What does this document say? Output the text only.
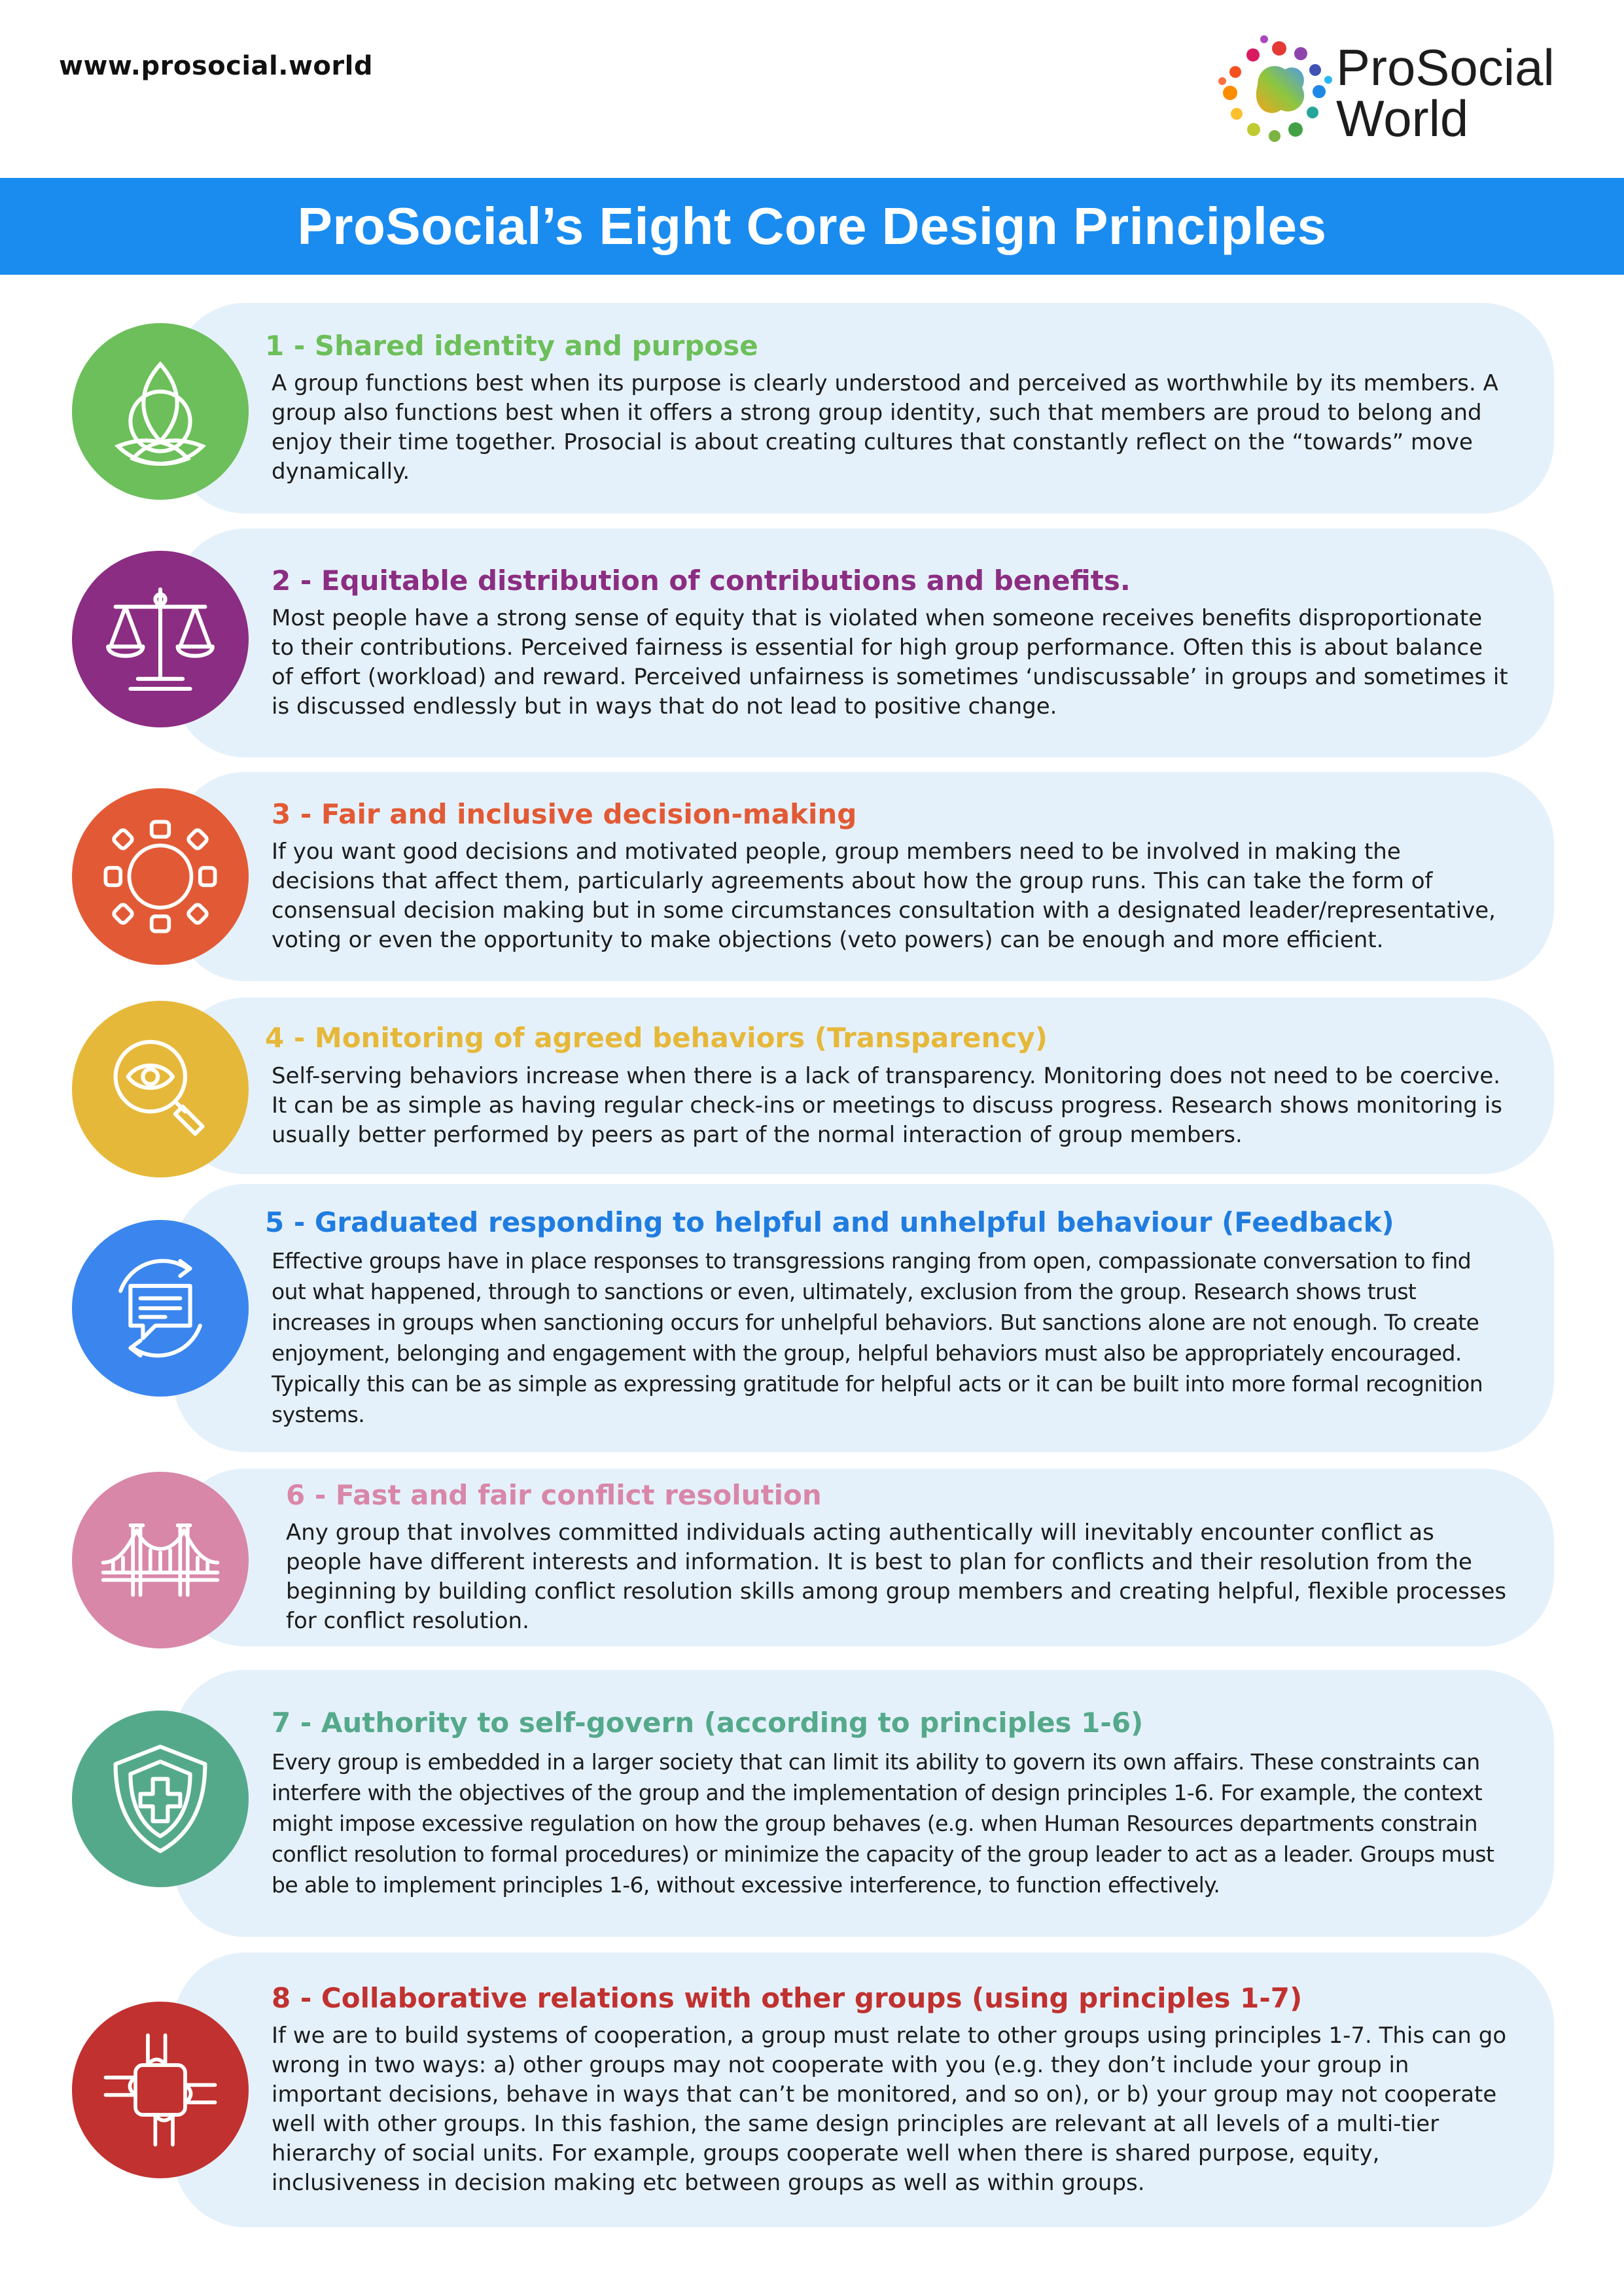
www.prosocial.world	ProSocial
World
ProSocial’s Eight Core Design Principles
1 - Shared identity and purpose

A group functions best when its purpose is clearly understood and perceived as worthwhile by its members. A group also functions best when it offers a strong group identity, such that members are proud to belong and enjoy their time together. Prosocial is about creating cultures that constantly reflect on the “towards” move dynamically.

2 - Equitable distribution of contributions and benefits.

Most people have a strong sense of equity that is violated when someone receives benefits disproportionate to their contributions. Perceived fairness is essential for high group performance. Often this is about balance of effort (workload) and reward. Perceived unfairness is sometimes ‘undiscussable’ in groups and sometimes it is discussed endlessly but in ways that do not lead to positive change.

3 - Fair and inclusive decision-making

If you want good decisions and motivated people, group members need to be involved in making the decisions that affect them, particularly agreements about how the group runs. This can take the form of consensual decision making but in some circumstances consultation with a designated leader/representative, voting or even the opportunity to make objections (veto powers) can be enough and more efficient.

4 - Monitoring of agreed behaviors (Transparency)

Self-serving behaviors increase when there is a lack of transparency. Monitoring does not need to be coercive. It can be as simple as having regular check-ins or meetings to discuss progress. Research shows monitoring is usually better performed by peers as part of the normal interaction of group members.

5 - Graduated responding to helpful and unhelpful behaviour (Feedback)

Effective groups have in place responses to transgressions ranging from open, compassionate conversation to find out what happened, through to sanctions or even, ultimately, exclusion from the group. Research shows trust increases in groups when sanctioning occurs for unhelpful behaviors. But sanctions alone are not enough. To create enjoyment, belonging and engagement with the group, helpful behaviors must also be appropriately encouraged. Typically this can be as simple as expressing gratitude for helpful acts or it can be built into more formal recognition systems.

6 - Fast and fair conflict resolution

Any group that involves committed individuals acting authentically will inevitably encounter conflict as people have different interests and information. It is best to plan for conflicts and their resolution from the beginning by building conflict resolution skills among group members and creating helpful, flexible processes for conflict resolution.

7 - Authority to self-govern (according to principles 1-6)

Every group is embedded in a larger society that can limit its ability to govern its own affairs. These constraints can interfere with the objectives of the group and the implementation of design principles 1-6. For example, the context might impose excessive regulation on how the group behaves (e.g. when Human Resources departments constrain conflict resolution to formal procedures) or minimize the capacity of the group leader to act as a leader. Groups must be able to implement principles 1-6, without excessive interference, to function effectively.

8 - Collaborative relations with other groups (using principles 1-7)

If we are to build systems of cooperation, a group must relate to other groups using principles 1-7. This can go wrong in two ways: a) other groups may not cooperate with you (e.g. they don’t include your group in important decisions, behave in ways that can’t be monitored, and so on), or b) your group may not cooperate well with other groups. In this fashion, the same design principles are relevant at all levels of a multi-tier hierarchy of social units. For example, groups cooperate well when there is shared purpose, equity, inclusiveness in decision making etc between groups as well as within groups.
